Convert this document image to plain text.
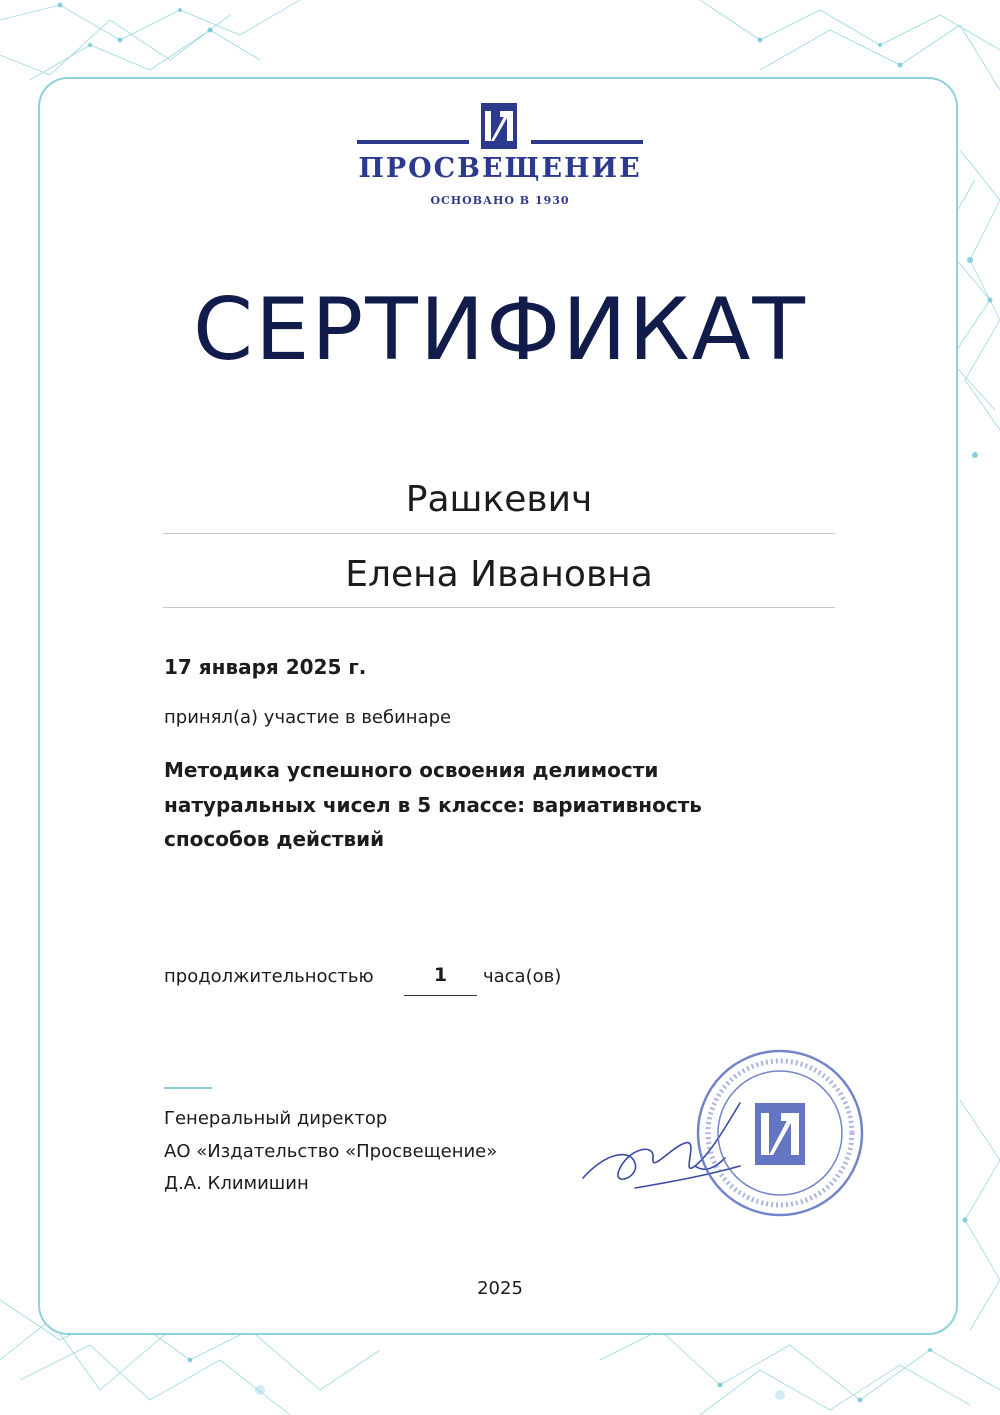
ПРОСВЕЩЕНИЕ
ОСНОВАНО В 1930
СЕРТИФИКАТ
Рашкевич
Елена Ивановна
17 января 2025 г.
принял(а) участие в вебинаре
Методика успешного освоения делимости натуральных чисел в 5 классе: вариативность способов действий
продолжительностью	1	часа(ов)
Генеральный директор
АО «Издательство «Просвещение»
Д.А. Климишин
2025
